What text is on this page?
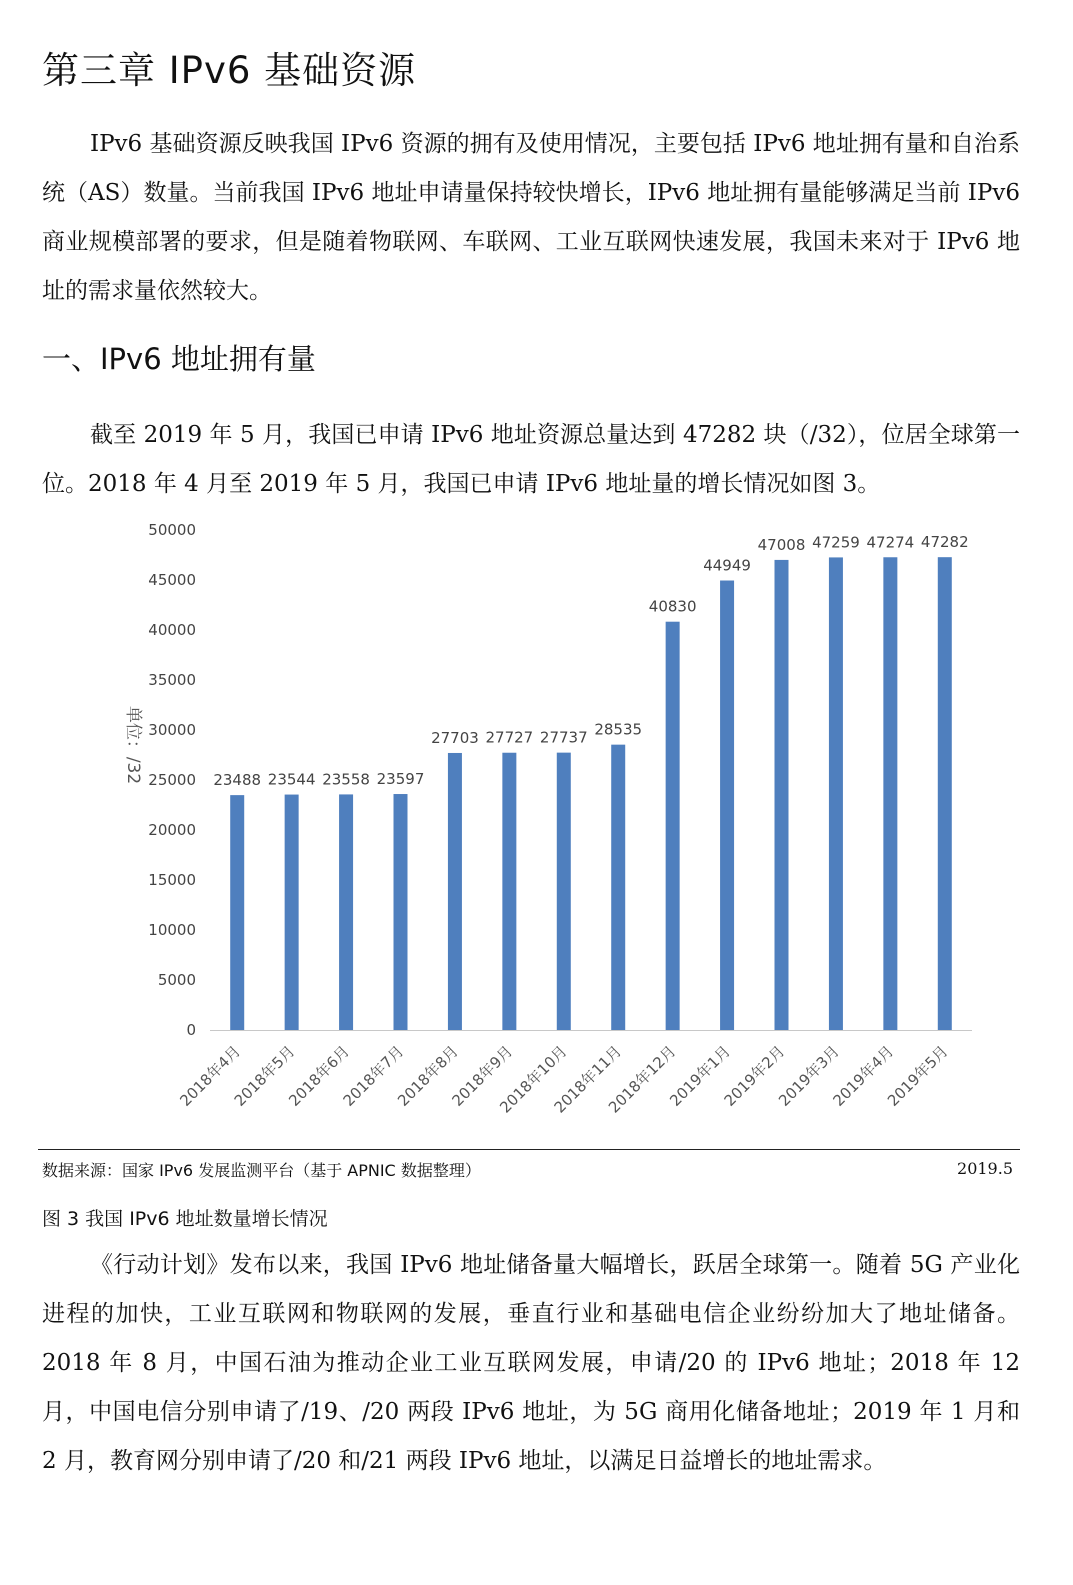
第三章 IPv6 基础资源

IPv6 基础资源反映我国 IPv6 资源的拥有及使用情况，主要包括 IPv6 地址拥有量和自治系统（AS）数量。当前我国 IPv6 地址申请量保持较快增长，IPv6 地址拥有量能够满足当前 IPv6 商业规模部署的要求，但是随着物联网、车联网、工业互联网快速发展，我国未来对于 IPv6 地址的需求量依然较大。

一、IPv6 地址拥有量

截至 2019 年 5 月，我国已申请 IPv6 地址资源总量达到 47282 块（/32），位居全球第一位。2018 年 4 月至 2019 年 5 月，我国已申请 IPv6 地址量的增长情况如图 3。

0
5000
10000
15000
20000
25000
30000
35000
40000
45000
50000
单位：/32	23488
2018年4月
23544
2018年5月
23558
2018年6月
23597
2018年7月
27703
2018年8月
27727
2018年9月
27737
2018年10月
28535
2018年11月
40830
2018年12月
44949
2019年1月
47008
2019年2月
47259
2019年3月
47274
2019年4月
47282
2019年5月
数据来源：国家 IPv6 发展监测平台（基于 APNIC 数据整理）	2019.5
图 3 我国 IPv6 地址数量增长情况

《行动计划》发布以来，我国 IPv6 地址储备量大幅增长，跃居全球第一。随着 5G 产业化进程的加快，工业互联网和物联网的发展，垂直行业和基础电信企业纷纷加大了地址储备。2018 年 8 月，中国石油为推动企业工业互联网发展，申请/20 的 IPv6 地址；2018 年 12 月，中国电信分别申请了/19、/20 两段 IPv6 地址，为 5G 商用化储备地址；2019 年 1 月和 2 月，教育网分别申请了/20 和/21 两段 IPv6 地址，以满足日益增长的地址需求。
